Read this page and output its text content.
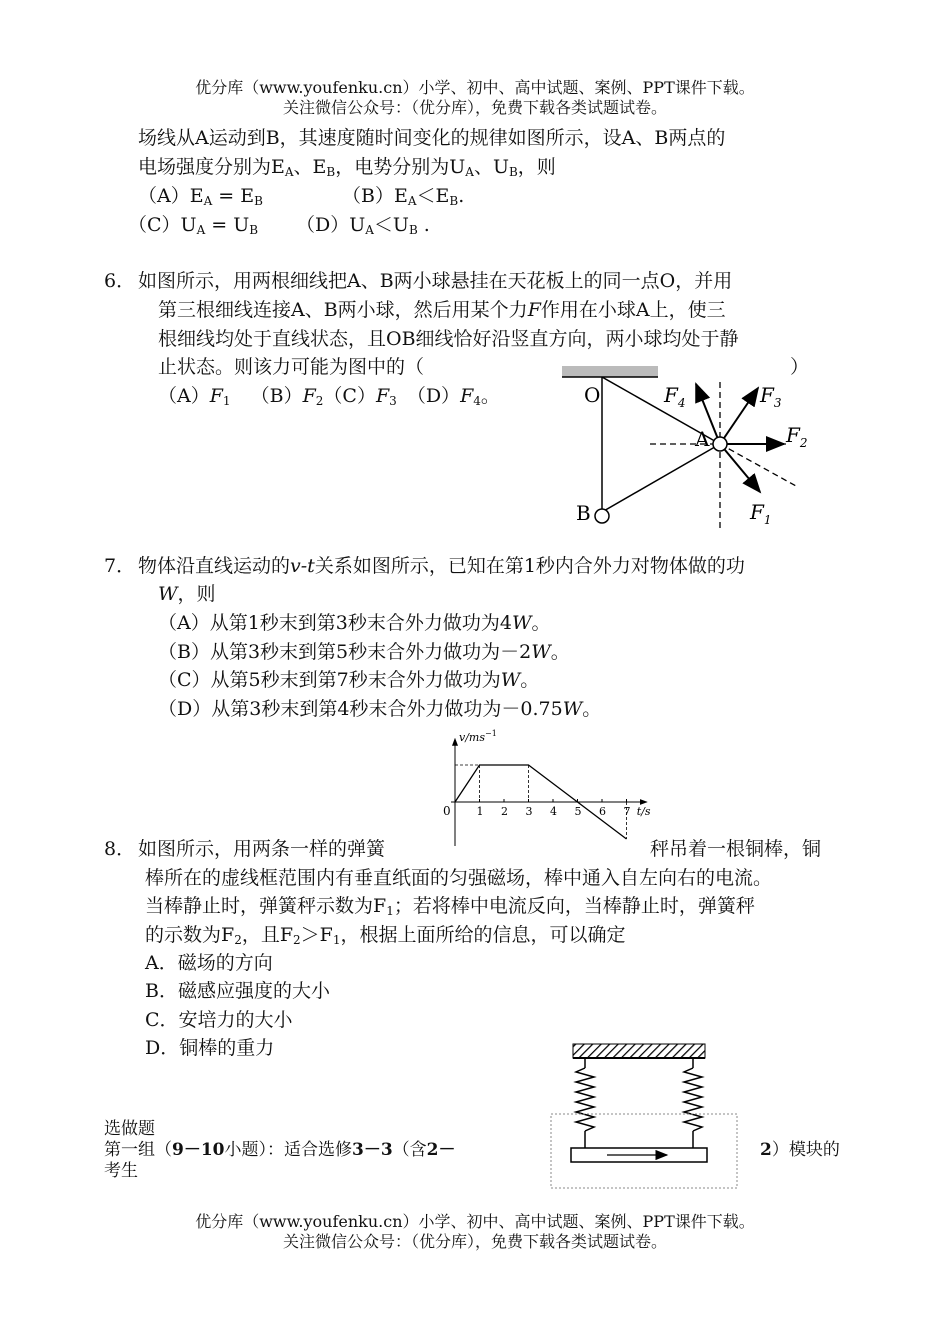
优分库（www.youfenku.cn）小学、初中、高中试题、案例、PPT课件下载。
关注微信公众号：（优分库），免费下载各类试题试卷。
场线从A运动到B，其速度随时间变化的规律如图所示，设A、B两点的
电场强度分别为$E_A$、$E_B$，电势分别为$U_A$、$U_B$，则
$(A)E_A = E_B$	$(B)E_A<E_B$.
$(C)U_A = U_B$ $(D)U_A<U_B$ .
6． 如图所示，用两根细线把A、B两小球悬挂在天花板上的同一点O，并用
第三根细线连接A、B两小球，然后用某个力F作用在小球A上，使三
根细线均处于直线状态，且OB细线恰好沿竖直方向，两小球均处于静
止状态。则该力可能为图中的（	）
$(A)F_1$ $(B)F_2(C)F_3$ $(D)F_4$。	O
A
B
$F_4$	$F_3$
$F_2$
$F_1$
7． 物体沿直线运动的v-t关系如图所示，已知在第1秒内合外力对物体做的功
W，则
（A）从第1秒末到第3秒末合外力做功为4W。
（B）从第3秒末到第5秒末合外力做功为－2W。
（C）从第5秒末到第7秒末合外力做功为W。
（D）从第3秒末到第4秒末合外力做功为－0.75W。
1 2 3 4 5 6 7
$v/ms^{-1}$
t/s
0
8． 如图所示，用两条一样的弹簧	秤吊着一根铜棒，铜
棒所在的虚线框范围内有垂直纸面的匀强磁场，棒中通入自左向右的电流。
当棒静止时，弹簧秤示数为$F_1$；若将棒中电流反向，当棒静止时，弹簧秤
的示数为$F_2$，且$F_2>F_1$，根据上面所给的信息，可以确定
A．磁场的方向
B．磁感应强度的大小
C．安培力的大小
D．铜棒的重力
选做题
第一组（9－10小题）：适合选修3－3（含2－	2）模块的
考生
优分库（www.youfenku.cn）小学、初中、高中试题、案例、PPT课件下载。
关注微信公众号：（优分库），免费下载各类试题试卷。
